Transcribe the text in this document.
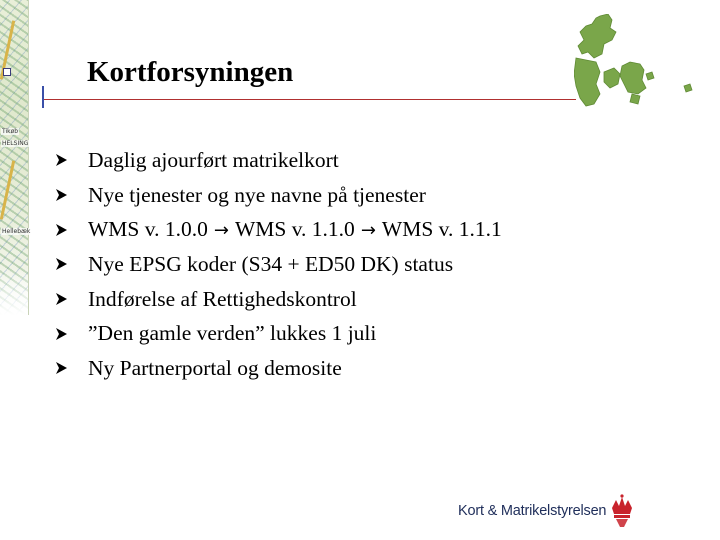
Tikøb
HELSING
Hellebæk
Kortforsyningen
Daglig ajourført matrikelkort
Nye tjenester og nye navne på tjenester
WMS v. 1.0.0 → WMS v. 1.1.0 → WMS v. 1.1.1
Nye EPSG koder (S34 + ED50 DK) status
Indførelse af Rettighedskontrol
”Den gamle verden” lukkes 1 juli
Ny Partnerportal og demosite
Kort & Matrikelstyrelsen
